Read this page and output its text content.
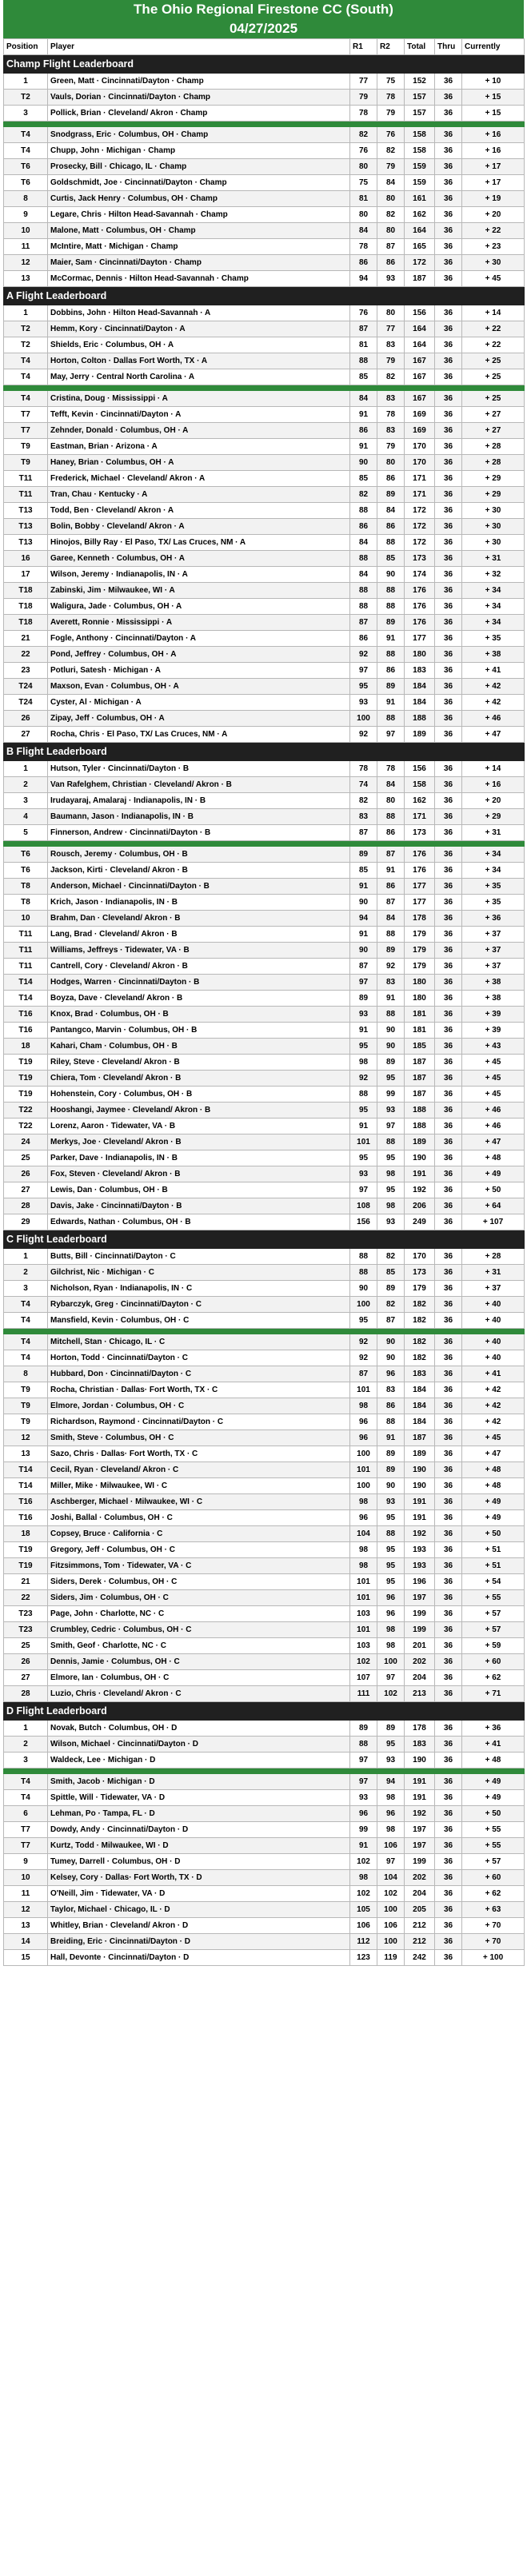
The Ohio Regional Firestone CC (South)
04/27/2025
Position	Player	R1	R2	Total	Thru	Currently
Champ Flight Leaderboard						
1	Green, Matt · Cincinnati/Dayton · Champ	77	75	152	36	+ 10
T2	Vauls, Dorian · Cincinnati/Dayton · Champ	79	78	157	36	+ 15
3	Pollick, Brian · Cleveland/ Akron · Champ	78	79	157	36	+ 15

T4	Snodgrass, Eric · Columbus, OH · Champ	82	76	158	36	+ 16
T4	Chupp, John · Michigan · Champ	76	82	158	36	+ 16
T6	Prosecky, Bill · Chicago, IL · Champ	80	79	159	36	+ 17
T6	Goldschmidt, Joe · Cincinnati/Dayton · Champ	75	84	159	36	+ 17
8	Curtis, Jack Henry · Columbus, OH · Champ	81	80	161	36	+ 19
9	Legare, Chris · Hilton Head-Savannah · Champ	80	82	162	36	+ 20
10	Malone, Matt · Columbus, OH · Champ	84	80	164	36	+ 22
11	McIntire, Matt · Michigan · Champ	78	87	165	36	+ 23
12	Maier, Sam · Cincinnati/Dayton · Champ	86	86	172	36	+ 30
13	McCormac, Dennis · Hilton Head-Savannah · Champ	94	93	187	36	+ 45
A Flight Leaderboard						
1	Dobbins, John · Hilton Head-Savannah · A	76	80	156	36	+ 14
T2	Hemm, Kory · Cincinnati/Dayton · A	87	77	164	36	+ 22
T2	Shields, Eric · Columbus, OH · A	81	83	164	36	+ 22
T4	Horton, Colton · Dallas Fort Worth, TX · A	88	79	167	36	+ 25
T4	May, Jerry · Central North Carolina · A	85	82	167	36	+ 25

T4	Cristina, Doug · Mississippi · A	84	83	167	36	+ 25
T7	Tefft, Kevin · Cincinnati/Dayton · A	91	78	169	36	+ 27
T7	Zehnder, Donald · Columbus, OH · A	86	83	169	36	+ 27
T9	Eastman, Brian · Arizona · A	91	79	170	36	+ 28
T9	Haney, Brian · Columbus, OH · A	90	80	170	36	+ 28
T11	Frederick, Michael · Cleveland/ Akron · A	85	86	171	36	+ 29
T11	Tran, Chau · Kentucky · A	82	89	171	36	+ 29
T13	Todd, Ben · Cleveland/ Akron · A	88	84	172	36	+ 30
T13	Bolin, Bobby · Cleveland/ Akron · A	86	86	172	36	+ 30
T13	Hinojos, Billy Ray · El Paso, TX/ Las Cruces, NM · A	84	88	172	36	+ 30
16	Garee, Kenneth · Columbus, OH · A	88	85	173	36	+ 31
17	Wilson, Jeremy · Indianapolis, IN · A	84	90	174	36	+ 32
T18	Zabinski, Jim · Milwaukee, WI · A	88	88	176	36	+ 34
T18	Waligura, Jade · Columbus, OH · A	88	88	176	36	+ 34
T18	Averett, Ronnie · Mississippi · A	87	89	176	36	+ 34
21	Fogle, Anthony · Cincinnati/Dayton · A	86	91	177	36	+ 35
22	Pond, Jeffrey · Columbus, OH · A	92	88	180	36	+ 38
23	Potluri, Satesh · Michigan · A	97	86	183	36	+ 41
T24	Maxson, Evan · Columbus, OH · A	95	89	184	36	+ 42
T24	Cyster, Al · Michigan · A	93	91	184	36	+ 42
26	Zipay, Jeff · Columbus, OH · A	100	88	188	36	+ 46
27	Rocha, Chris · El Paso, TX/ Las Cruces, NM · A	92	97	189	36	+ 47
B Flight Leaderboard						
1	Hutson, Tyler · Cincinnati/Dayton · B	78	78	156	36	+ 14
2	Van Rafelghem, Christian · Cleveland/ Akron · B	74	84	158	36	+ 16
3	Irudayaraj, Amalaraj · Indianapolis, IN · B	82	80	162	36	+ 20
4	Baumann, Jason · Indianapolis, IN · B	83	88	171	36	+ 29
5	Finnerson, Andrew · Cincinnati/Dayton · B	87	86	173	36	+ 31

T6	Rousch, Jeremy · Columbus, OH · B	89	87	176	36	+ 34
T6	Jackson, Kirti · Cleveland/ Akron · B	85	91	176	36	+ 34
T8	Anderson, Michael · Cincinnati/Dayton · B	91	86	177	36	+ 35
T8	Krich, Jason · Indianapolis, IN · B	90	87	177	36	+ 35
10	Brahm, Dan · Cleveland/ Akron · B	94	84	178	36	+ 36
T11	Lang, Brad · Cleveland/ Akron · B	91	88	179	36	+ 37
T11	Williams, Jeffreys · Tidewater, VA · B	90	89	179	36	+ 37
T11	Cantrell, Cory · Cleveland/ Akron · B	87	92	179	36	+ 37
T14	Hodges, Warren · Cincinnati/Dayton · B	97	83	180	36	+ 38
T14	Boyza, Dave · Cleveland/ Akron · B	89	91	180	36	+ 38
T16	Knox, Brad · Columbus, OH · B	93	88	181	36	+ 39
T16	Pantangco, Marvin · Columbus, OH · B	91	90	181	36	+ 39
18	Kahari, Cham · Columbus, OH · B	95	90	185	36	+ 43
T19	Riley, Steve · Cleveland/ Akron · B	98	89	187	36	+ 45
T19	Chiera, Tom · Cleveland/ Akron · B	92	95	187	36	+ 45
T19	Hohenstein, Cory · Columbus, OH · B	88	99	187	36	+ 45
T22	Hooshangi, Jaymee · Cleveland/ Akron · B	95	93	188	36	+ 46
T22	Lorenz, Aaron · Tidewater, VA · B	91	97	188	36	+ 46
24	Merkys, Joe · Cleveland/ Akron · B	101	88	189	36	+ 47
25	Parker, Dave · Indianapolis, IN · B	95	95	190	36	+ 48
26	Fox, Steven · Cleveland/ Akron · B	93	98	191	36	+ 49
27	Lewis, Dan · Columbus, OH · B	97	95	192	36	+ 50
28	Davis, Jake · Cincinnati/Dayton · B	108	98	206	36	+ 64
29	Edwards, Nathan · Columbus, OH · B	156	93	249	36	+ 107
C Flight Leaderboard						
1	Butts, Bill · Cincinnati/Dayton · C	88	82	170	36	+ 28
2	Gilchrist, Nic · Michigan · C	88	85	173	36	+ 31
3	Nicholson, Ryan · Indianapolis, IN · C	90	89	179	36	+ 37
T4	Rybarczyk, Greg · Cincinnati/Dayton · C	100	82	182	36	+ 40
T4	Mansfield, Kevin · Columbus, OH · C	95	87	182	36	+ 40

T4	Mitchell, Stan · Chicago, IL · C	92	90	182	36	+ 40
T4	Horton, Todd · Cincinnati/Dayton · C	92	90	182	36	+ 40
8	Hubbard, Don · Cincinnati/Dayton · C	87	96	183	36	+ 41
T9	Rocha, Christian · Dallas· Fort Worth, TX · C	101	83	184	36	+ 42
T9	Elmore, Jordan · Columbus, OH · C	98	86	184	36	+ 42
T9	Richardson, Raymond · Cincinnati/Dayton · C	96	88	184	36	+ 42
12	Smith, Steve · Columbus, OH · C	96	91	187	36	+ 45
13	Sazo, Chris · Dallas· Fort Worth, TX · C	100	89	189	36	+ 47
T14	Cecil, Ryan · Cleveland/ Akron · C	101	89	190	36	+ 48
T14	Miller, Mike · Milwaukee, WI · C	100	90	190	36	+ 48
T16	Aschberger, Michael · Milwaukee, WI · C	98	93	191	36	+ 49
T16	Joshi, Ballal · Columbus, OH · C	96	95	191	36	+ 49
18	Copsey, Bruce · California · C	104	88	192	36	+ 50
T19	Gregory, Jeff · Columbus, OH · C	98	95	193	36	+ 51
T19	Fitzsimmons, Tom · Tidewater, VA · C	98	95	193	36	+ 51
21	Siders, Derek · Columbus, OH · C	101	95	196	36	+ 54
22	Siders, Jim · Columbus, OH · C	101	96	197	36	+ 55
T23	Page, John · Charlotte, NC · C	103	96	199	36	+ 57
T23	Crumbley, Cedric · Columbus, OH · C	101	98	199	36	+ 57
25	Smith, Geof · Charlotte, NC · C	103	98	201	36	+ 59
26	Dennis, Jamie · Columbus, OH · C	102	100	202	36	+ 60
27	Elmore, Ian · Columbus, OH · C	107	97	204	36	+ 62
28	Luzio, Chris · Cleveland/ Akron · C	111	102	213	36	+ 71
D Flight Leaderboard						
1	Novak, Butch · Columbus, OH · D	89	89	178	36	+ 36
2	Wilson, Michael · Cincinnati/Dayton · D	88	95	183	36	+ 41
3	Waldeck, Lee · Michigan · D	97	93	190	36	+ 48

T4	Smith, Jacob · Michigan · D	97	94	191	36	+ 49
T4	Spittle, Will · Tidewater, VA · D	93	98	191	36	+ 49
6	Lehman, Po · Tampa, FL · D	96	96	192	36	+ 50
T7	Dowdy, Andy · Cincinnati/Dayton · D	99	98	197	36	+ 55
T7	Kurtz, Todd · Milwaukee, WI · D	91	106	197	36	+ 55
9	Tumey, Darrell · Columbus, OH · D	102	97	199	36	+ 57
10	Kelsey, Cory · Dallas· Fort Worth, TX · D	98	104	202	36	+ 60
11	O'Neill, Jim · Tidewater, VA · D	102	102	204	36	+ 62
12	Taylor, Michael · Chicago, IL · D	105	100	205	36	+ 63
13	Whitley, Brian · Cleveland/ Akron · D	106	106	212	36	+ 70
14	Breiding, Eric · Cincinnati/Dayton · D	112	100	212	36	+ 70
15	Hall, Devonte · Cincinnati/Dayton · D	123	119	242	36	+ 100
